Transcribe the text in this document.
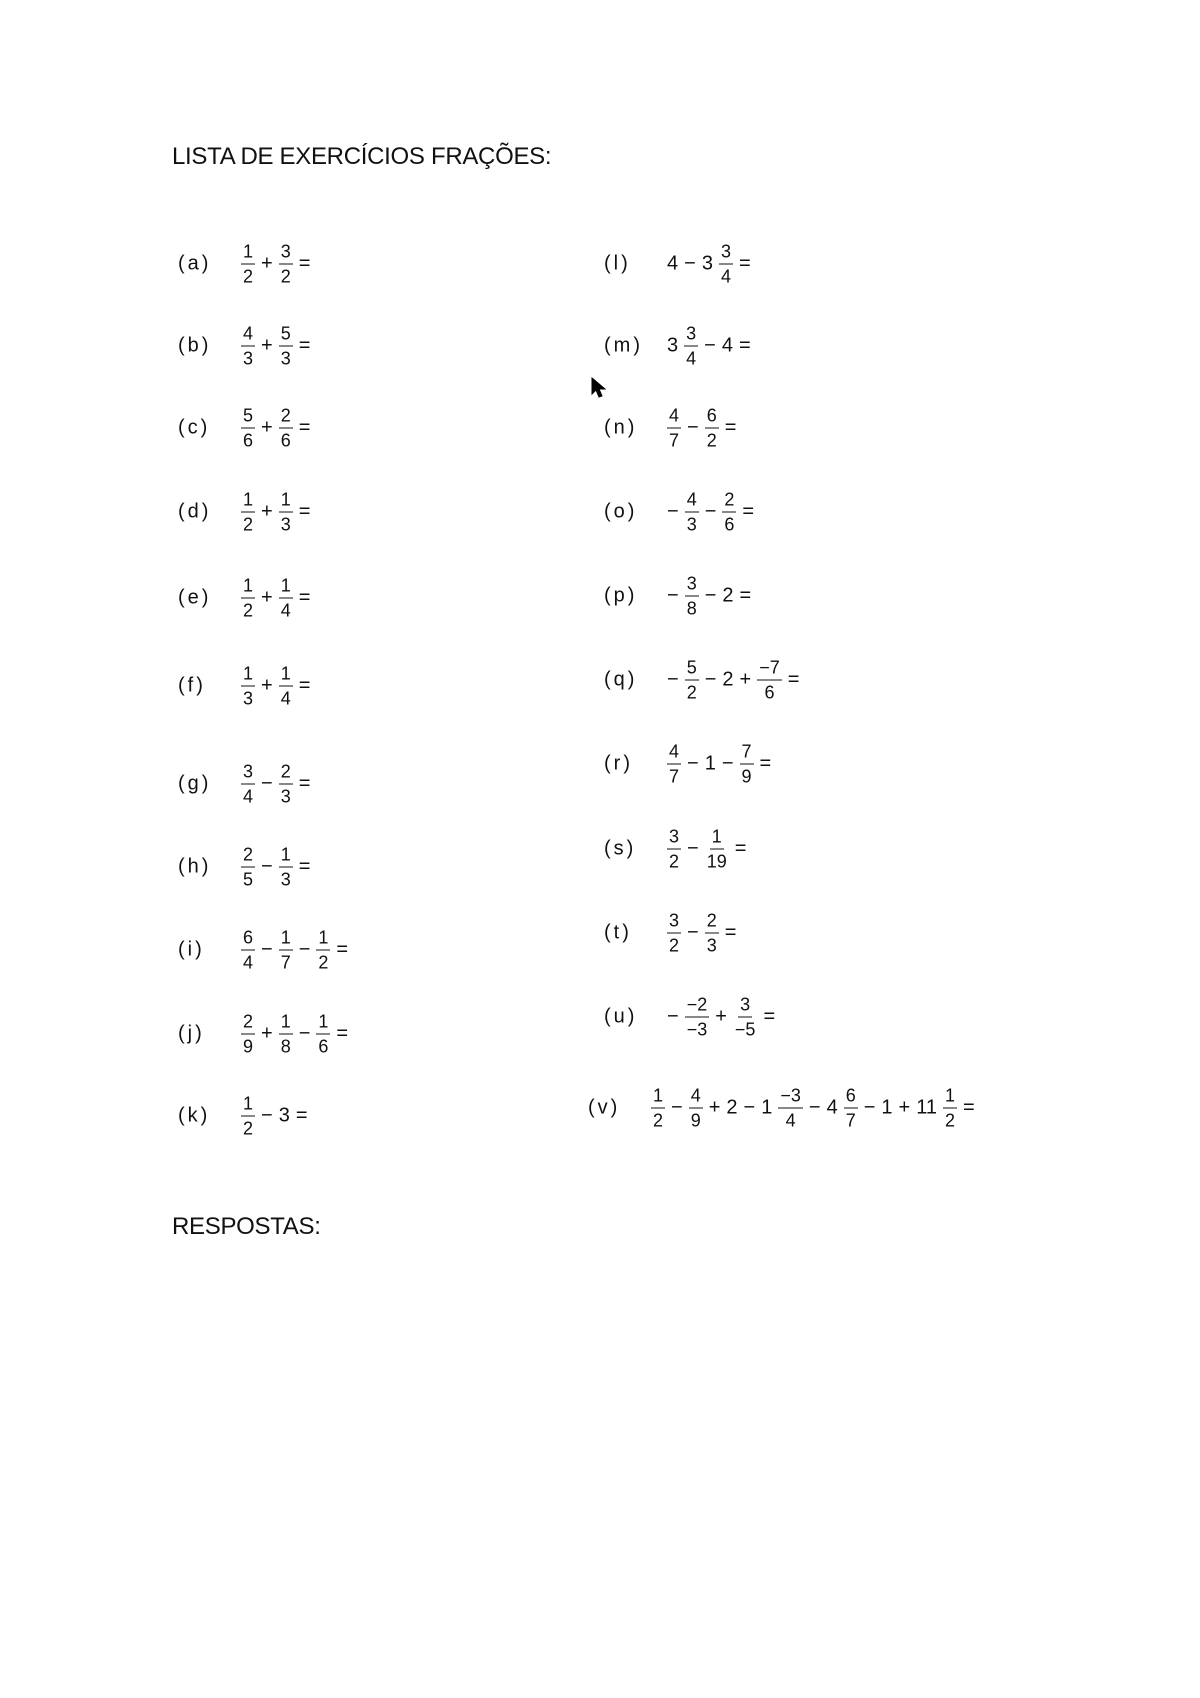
LISTA DE EXERCÍCIOS FRAÇÕES:
(a)	$\frac{1}{2} + \frac{3}{2}$ =
(b)	$\frac{4}{3} + \frac{5}{3}$ =
(c)	$\frac{5}{6} + \frac{2}{6}$ =
(d)	$\frac{1}{2} + \frac{1}{3}$ =
(e)	$\frac{1}{2} + \frac{1}{4}$ =
(f)	$\frac{1}{3} + \frac{1}{4}$ =
(g)	$\frac{3}{4} - \frac{2}{3}$ =
(h)	$\frac{2}{5} - \frac{1}{3}$ =
(i)	$\frac{6}{4} - \frac{1}{7} - \frac{1}{2}$ =
(j)	$\frac{2}{9} + \frac{1}{8} - \frac{1}{6}$ =
(k)	$\frac{1}{2} - 3$ =
(l)	$4 - 3 \frac{3}{4}$ =
(m)	$3 \frac{3}{4} - 4$ =
(n)	$\frac{4}{7} - \frac{6}{2}$ =
(o)	− $\frac{4}{3} - \frac{2}{6}$ =
(p)	− $\frac{3}{8} - 2$ =
(q)	− $\frac{5}{2} - 2 + \frac{-7}{6}$ =
(r)	$\frac{4}{7} - 1 - \frac{7}{9}$ =
(s)	$\frac{3}{2} - \frac{1}{19}$ =
(t)	$\frac{3}{2} - \frac{2}{3}$ =
(u)	− $\frac{-2}{-3} + \frac{3}{-5}$ =
(v)	$\frac{1}{2} - \frac{4}{9} + 2 - 1 \frac{-3}{4} - 4 \frac{6}{7} - 1 + 11 \frac{1}{2}$ =
RESPOSTAS:
